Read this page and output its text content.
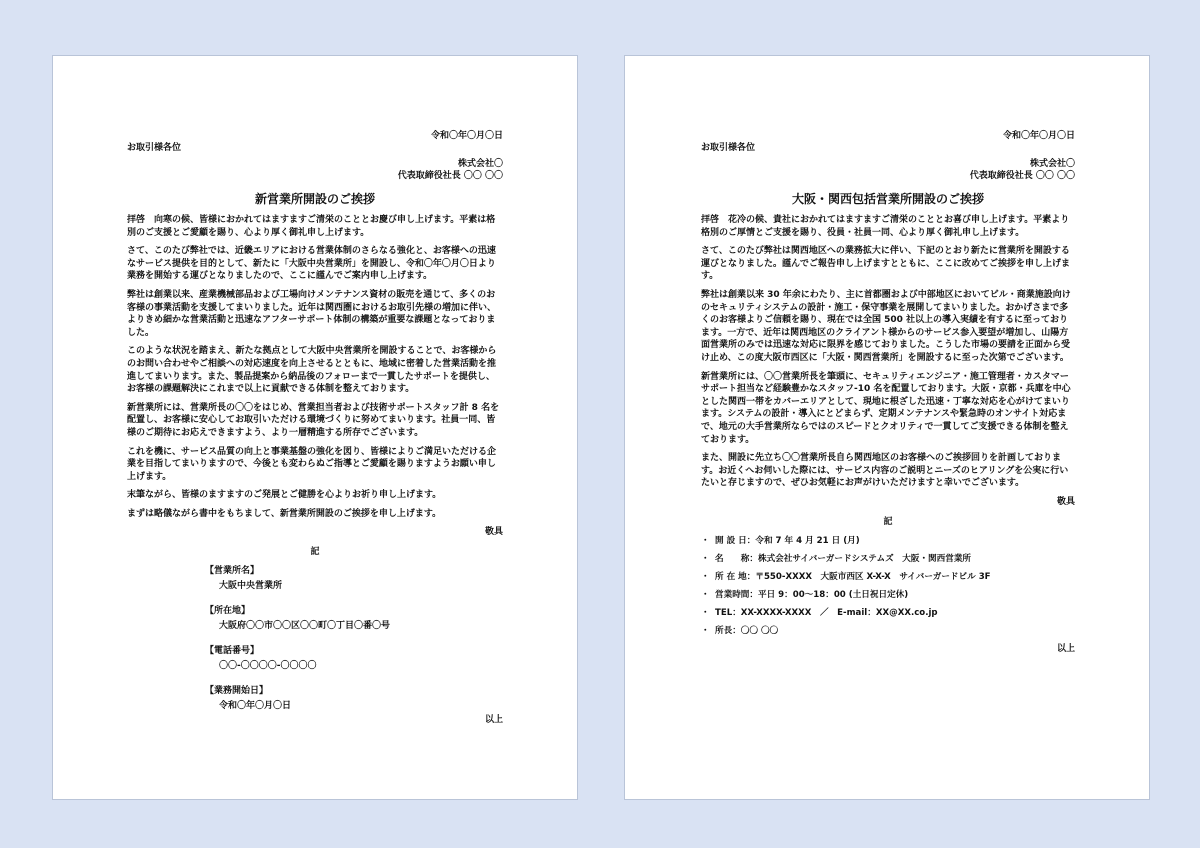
令和〇年〇月〇日
お取引様各位
株式会社〇
代表取締役社長 〇〇 〇〇
新営業所開設のご挨拶

拝啓　向寒の候、皆様におかれてはますますご清栄のこととお慶び申し上げます。平素は格別のご支援とご愛顧を賜り、心より厚く御礼申し上げます。

さて、このたび弊社では、近畿エリアにおける営業体制のさらなる強化と、お客様への迅速なサービス提供を目的として、新たに「大阪中央営業所」を開設し、令和〇年〇月〇日より業務を開始する運びとなりましたので、ここに謹んでご案内申し上げます。

弊社は創業以来、産業機械部品および工場向けメンテナンス資材の販売を通じて、多くのお客様の事業活動を支援してまいりました。近年は関西圏におけるお取引先様の増加に伴い、よりきめ細かな営業活動と迅速なアフターサポート体制の構築が重要な課題となっておりました。

このような状況を踏まえ、新たな拠点として大阪中央営業所を開設することで、お客様からのお問い合わせやご相談への対応速度を向上させるとともに、地域に密着した営業活動を推進してまいります。また、製品提案から納品後のフォローまで一貫したサポートを提供し、お客様の課題解決にこれまで以上に貢献できる体制を整えております。

新営業所には、営業所長の〇〇をはじめ、営業担当者および技術サポートスタッフ計 8 名を配置し、お客様に安心してお取引いただける環境づくりに努めてまいります。社員一同、皆様のご期待にお応えできますよう、より一層精進する所存でございます。

これを機に、サービス品質の向上と事業基盤の強化を図り、皆様によりご満足いただける企業を目指してまいりますので、今後とも変わらぬご指導とご愛顧を賜りますようお願い申し上げます。

末筆ながら、皆様のますますのご発展とご健勝を心よりお祈り申し上げます。

まずは略儀ながら書中をもちまして、新営業所開設のご挨拶を申し上げます。

敬具
記
【営業所名】
大阪中央営業所
【所在地】
大阪府〇〇市〇〇区〇〇町〇丁目〇番〇号
【電話番号】
〇〇-〇〇〇〇-〇〇〇〇
【業務開始日】
令和〇年〇月〇日
以上
令和〇年〇月〇日
お取引様各位
株式会社〇
代表取締役社長 〇〇 〇〇
大阪・関西包括営業所開設のご挨拶

拝啓　花冷の候、貴社におかれてはますますご清栄のこととお喜び申し上げます。平素より格別のご厚情とご支援を賜り、役員・社員一同、心より厚く御礼申し上げます。

さて、このたび弊社は関西地区への業務拡大に伴い、下記のとおり新たに営業所を開設する運びとなりました。謹んでご報告申し上げますとともに、ここに改めてご挨拶を申し上げます。

弊社は創業以来 30 年余にわたり、主に首都圏および中部地区においてビル・商業施設向けのセキュリティシステムの設計・施工・保守事業を展開してまいりました。おかげさまで多くのお客様よりご信頼を賜り、現在では全国 500 社以上の導入実績を有するに至っております。一方で、近年は関西地区のクライアント様からのサービス参入要望が増加し、山陽方面営業所のみでは迅速な対応に限界を感じておりました。こうした市場の要請を正面から受け止め、この度大阪市西区に「大阪・関西営業所」を開設するに至った次第でございます。

新営業所には、〇〇営業所長を筆頭に、セキュリティエンジニア・施工管理者・カスタマーサポート担当など経験豊かなスタッフ-10 名を配置しております。大阪・京都・兵庫を中心とした関西一帯をカバーエリアとして、現地に根ざした迅速・丁寧な対応を心がけてまいります。システムの設計・導入にとどまらず、定期メンテナンスや緊急時のオンサイト対応まで、地元の大手営業所ならではのスピードとクオリティで一貫してご支援できる体制を整えております。

また、開設に先立ち〇〇営業所長自ら関西地区のお客様へのご挨拶回りを計画しております。お近くへお伺いした際には、サービス内容のご説明とニーズのヒアリングを公実に行いたいと存じますので、ぜひお気軽にお声がけいただけますと幸いでございます。

敬具
記
・ 開 設 日：令和 7 年 4 月 21 日 (月)
・ 名　　称：株式会社サイバーガードシステムズ　大阪・関西営業所
・ 所 在 地：〒550-XXXX　大阪市西区 X-X-X　サイバーガードビル 3F
・ 営業時間：平日 9：00～18：00 (土日祝日定休)
・ TEL：XX-XXXX-XXXX　／　E-mail：XX@XX.co.jp
・ 所長：〇〇 〇〇
以上
